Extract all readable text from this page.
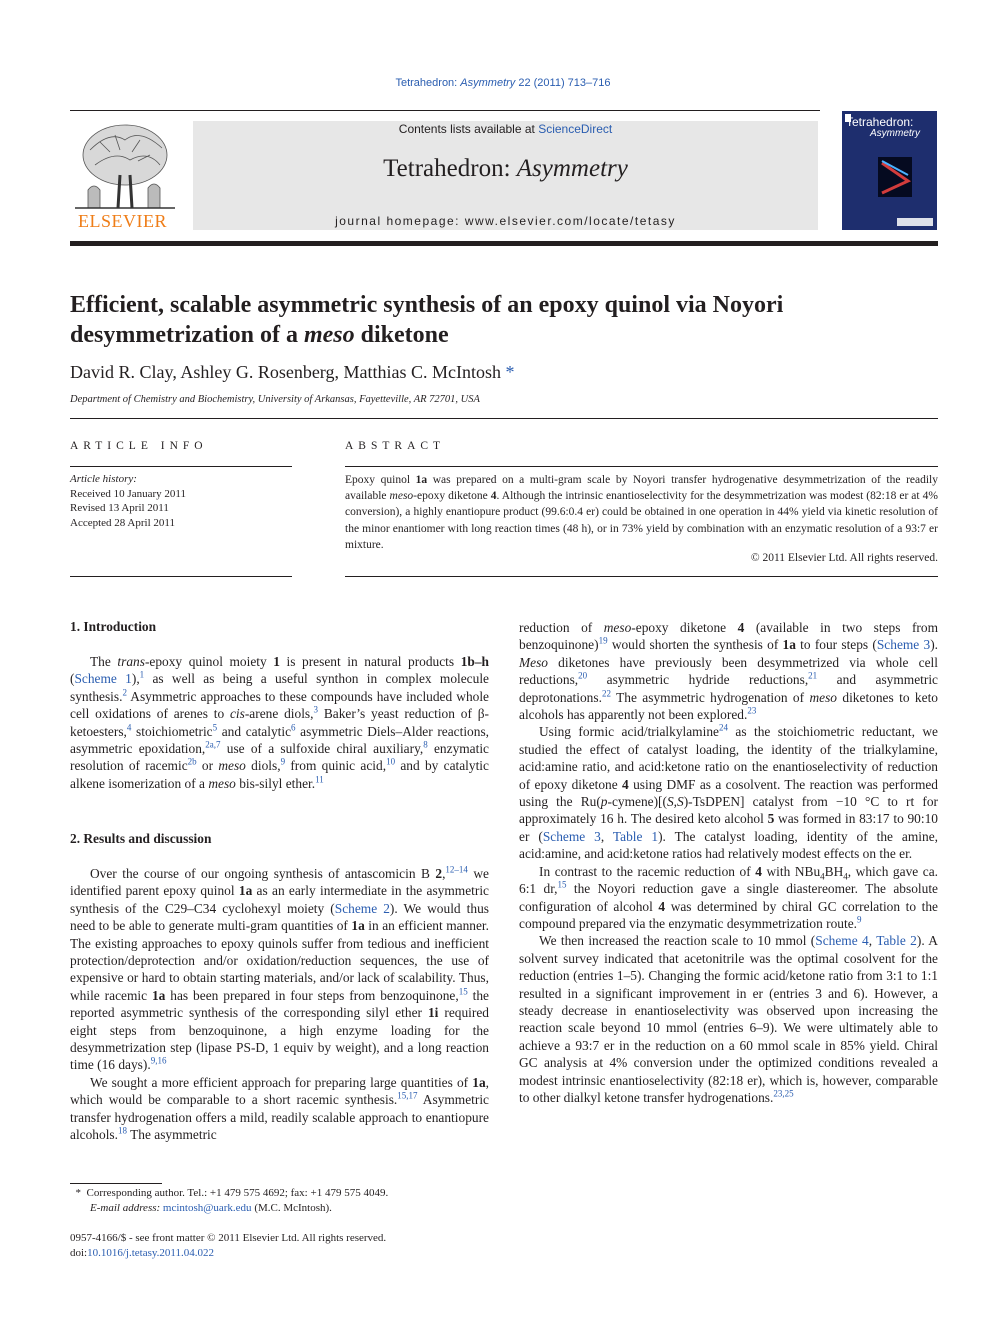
Tetrahedron: Asymmetry 22 (2011) 713–716
ELSEVIER
Contents lists available at ScienceDirect
Tetrahedron: Asymmetry
journal homepage: www.elsevier.com/locate/tetasy
Tetrahedron:
Asymmetry
Efficient, scalable asymmetric synthesis of an epoxy quinol via Noyori desymmetrization of a meso diketone
David R. Clay, Ashley G. Rosenberg, Matthias C. McIntosh *
Department of Chemistry and Biochemistry, University of Arkansas, Fayetteville, AR 72701, USA
ARTICLE INFO	ABSTRACT
Article history:
Received 10 January 2011
Revised 13 April 2011
Accepted 28 April 2011
Epoxy quinol 1a was prepared on a multi-gram scale by Noyori transfer hydrogenative desymmetrization of the readily available meso-epoxy diketone 4. Although the intrinsic enantioselectivity for the desymmetrization was modest (82:18 er at 4% conversion), a highly enantiopure product (99.6:0.4 er) could be obtained in one operation in 44% yield via kinetic resolution of the minor enantiomer with long reaction times (48 h), or in 73% yield by combination with an enzymatic resolution of a 93:7 er mixture.
© 2011 Elsevier Ltd. All rights reserved.
1. Introduction

The trans-epoxy quinol moiety 1 is present in natural products 1b–h (Scheme 1),$^1$ as well as being a useful synthon in complex molecule synthesis.$^2$ Asymmetric approaches to these compounds have included whole cell oxidations of arenes to cis-arene diols,$^3$ Baker’s yeast reduction of β-ketoesters,$^4$ stoichiometric$^5$ and catalytic$^6$ asymmetric Diels–Alder reactions, asymmetric epoxidation,$^{2a,7}$ use of a sulfoxide chiral auxiliary,$^8$ enzymatic resolution of racemic$^{2b}$ or meso diols,$^9$ from quinic acid,$^{10}$ and by catalytic alkene isomerization of a meso bis-silyl ether.$^{11}$

2. Results and discussion

Over the course of our ongoing synthesis of antascomicin B 2,$^{12-14}$ we identified parent epoxy quinol 1a as an early intermediate in the asymmetric synthesis of the C29–C34 cyclohexyl moiety (Scheme 2). We would thus need to be able to generate multi-gram quantities of 1a in an efficient manner. The existing approaches to epoxy quinols suffer from tedious and inefficient protection/deprotection and/or oxidation/reduction sequences, the use of expensive or hard to obtain starting materials, and/or lack of scalability. Thus, while racemic 1a has been prepared in four steps from benzoquinone,$^{15}$ the reported asymmetric synthesis of the corresponding silyl ether 1i required eight steps from benzoquinone, a high enzyme loading for the desymmetrization step (lipase PS-D, 1 equiv by weight), and a long reaction time (16 days).$^{9,16}$

We sought a more efficient approach for preparing large quantities of 1a, which would be comparable to a short racemic synthesis.$^{15,17}$ Asymmetric transfer hydrogenation offers a mild, readily scalable approach to enantiopure alcohols.$^{18}$ The asymmetric

reduction of meso-epoxy diketone 4 (available in two steps from benzoquinone)$^{19}$ would shorten the synthesis of 1a to four steps (Scheme 3). Meso diketones have previously been desymmetrized via whole cell reductions,$^{20}$ asymmetric hydride reductions,$^{21}$ and asymmetric deprotonations.$^{22}$ The asymmetric hydrogenation of meso diketones to keto alcohols has apparently not been explored.$^{23}$

Using formic acid/trialkylamine$^{24}$ as the stoichiometric reductant, we studied the effect of catalyst loading, the identity of the trialkylamine, acid:amine ratio, and acid:ketone ratio on the enantioselectivity of reduction of epoxy diketone 4 using DMF as a cosolvent. The reaction was performed using the Ru(p-cymene)[(S,S)-TsDPEN] catalyst from −10 °C to rt for approximately 16 h. The desired keto alcohol 5 was formed in 83:17 to 90:10 er (Scheme 3, Table 1). The catalyst loading, identity of the amine, acid:amine, and acid:ketone ratios had relatively modest effects on the er.

In contrast to the racemic reduction of 4 with $NBu_4BH_4$, which gave ca. 6:1 dr,$^{15}$ the Noyori reduction gave a single diastereomer. The absolute configuration of alcohol 4 was determined by chiral GC correlation to the compound prepared via the enzymatic desymmetrization route.$^9$

We then increased the reaction scale to 10 mmol (Scheme 4, Table 2). A solvent survey indicated that acetonitrile was the optimal cosolvent for the reduction (entries 1–5). Changing the formic acid/ketone ratio from 3:1 to 1:1 resulted in a significant improvement in er (entries 3 and 6). However, a steady decrease in enantioselectivity was observed upon increasing the reaction scale beyond 10 mmol (entries 6–9). We were ultimately able to achieve a 93:7 er in the reduction on a 60 mmol scale in 85% yield. Chiral GC analysis at 4% conversion under the optimized conditions revealed a modest intrinsic enantioselectivity (82:18 er), which is, however, comparable to other dialkyl ketone transfer hydrogenations.$^{23,25}$

*  Corresponding author. Tel.: +1 479 575 4692; fax: +1 479 575 4049.
E-mail address: mcintosh@uark.edu (M.C. McIntosh).
0957-4166/$ - see front matter © 2011 Elsevier Ltd. All rights reserved.
doi:10.1016/j.tetasy.2011.04.022
